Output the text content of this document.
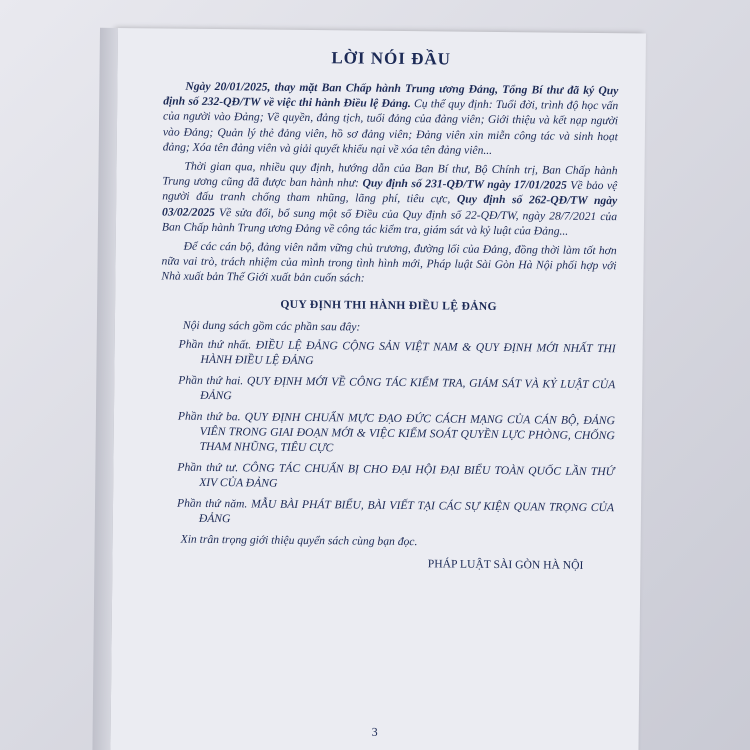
LỜI NÓI ĐẦU

Ngày 20/01/2025, thay mặt Ban Chấp hành Trung ương Đảng, Tổng Bí thư đã ký Quy định số 232-QĐ/TW về việc thi hành Điều lệ Đảng. Cụ thể quy định: Tuổi đời, trình độ học vấn của người vào Đảng; Về quyền, đảng tịch, tuổi đảng của đảng viên; Giới thiệu và kết nạp người vào Đảng; Quản lý thẻ đảng viên, hồ sơ đảng viên; Đảng viên xin miễn công tác và sinh hoạt đảng; Xóa tên đảng viên và giải quyết khiếu nại về xóa tên đảng viên...

Thời gian qua, nhiều quy định, hướng dẫn của Ban Bí thư, Bộ Chính trị, Ban Chấp hành Trung ương cũng đã được ban hành như: Quy định số 231-QĐ/TW ngày 17/01/2025 Về bảo vệ người đấu tranh chống tham nhũng, lãng phí, tiêu cực, Quy định số 262-QĐ/TW ngày 03/02/2025 Về sửa đổi, bổ sung một số Điều của Quy định số 22-QĐ/TW, ngày 28/7/2021 của Ban Chấp hành Trung ương Đảng về công tác kiểm tra, giám sát và kỷ luật của Đảng...

Để các cán bộ, đảng viên nắm vững chủ trương, đường lối của Đảng, đồng thời làm tốt hơn nữa vai trò, trách nhiệm của mình trong tình hình mới, Pháp luật Sài Gòn Hà Nội phối hợp với Nhà xuất bản Thế Giới xuất bản cuốn sách:

QUY ĐỊNH THI HÀNH ĐIỀU LỆ ĐẢNG

Nội dung sách gồm các phần sau đây:

Phần thứ nhất. ĐIỀU LỆ ĐẢNG CỘNG SẢN VIỆT NAM & QUY ĐỊNH MỚI NHẤT THI HÀNH ĐIỀU LỆ ĐẢNG

Phần thứ hai. QUY ĐỊNH MỚI VỀ CÔNG TÁC KIỂM TRA, GIÁM SÁT VÀ KỶ LUẬT CỦA ĐẢNG

Phần thứ ba. QUY ĐỊNH CHUẨN MỰC ĐẠO ĐỨC CÁCH MẠNG CỦA CÁN BỘ, ĐẢNG VIÊN TRONG GIAI ĐOẠN MỚI & VIỆC KIỂM SOÁT QUYỀN LỰC PHÒNG, CHỐNG THAM NHŨNG, TIÊU CỰC

Phần thứ tư. CÔNG TÁC CHUẨN BỊ CHO ĐẠI HỘI ĐẠI BIỂU TOÀN QUỐC LẦN THỨ XIV CỦA ĐẢNG

Phần thứ năm. MẪU BÀI PHÁT BIỂU, BÀI VIẾT TẠI CÁC SỰ KIỆN QUAN TRỌNG CỦA ĐẢNG

Xin trân trọng giới thiệu quyển sách cùng bạn đọc.

PHÁP LUẬT SÀI GÒN HÀ NỘI
3
